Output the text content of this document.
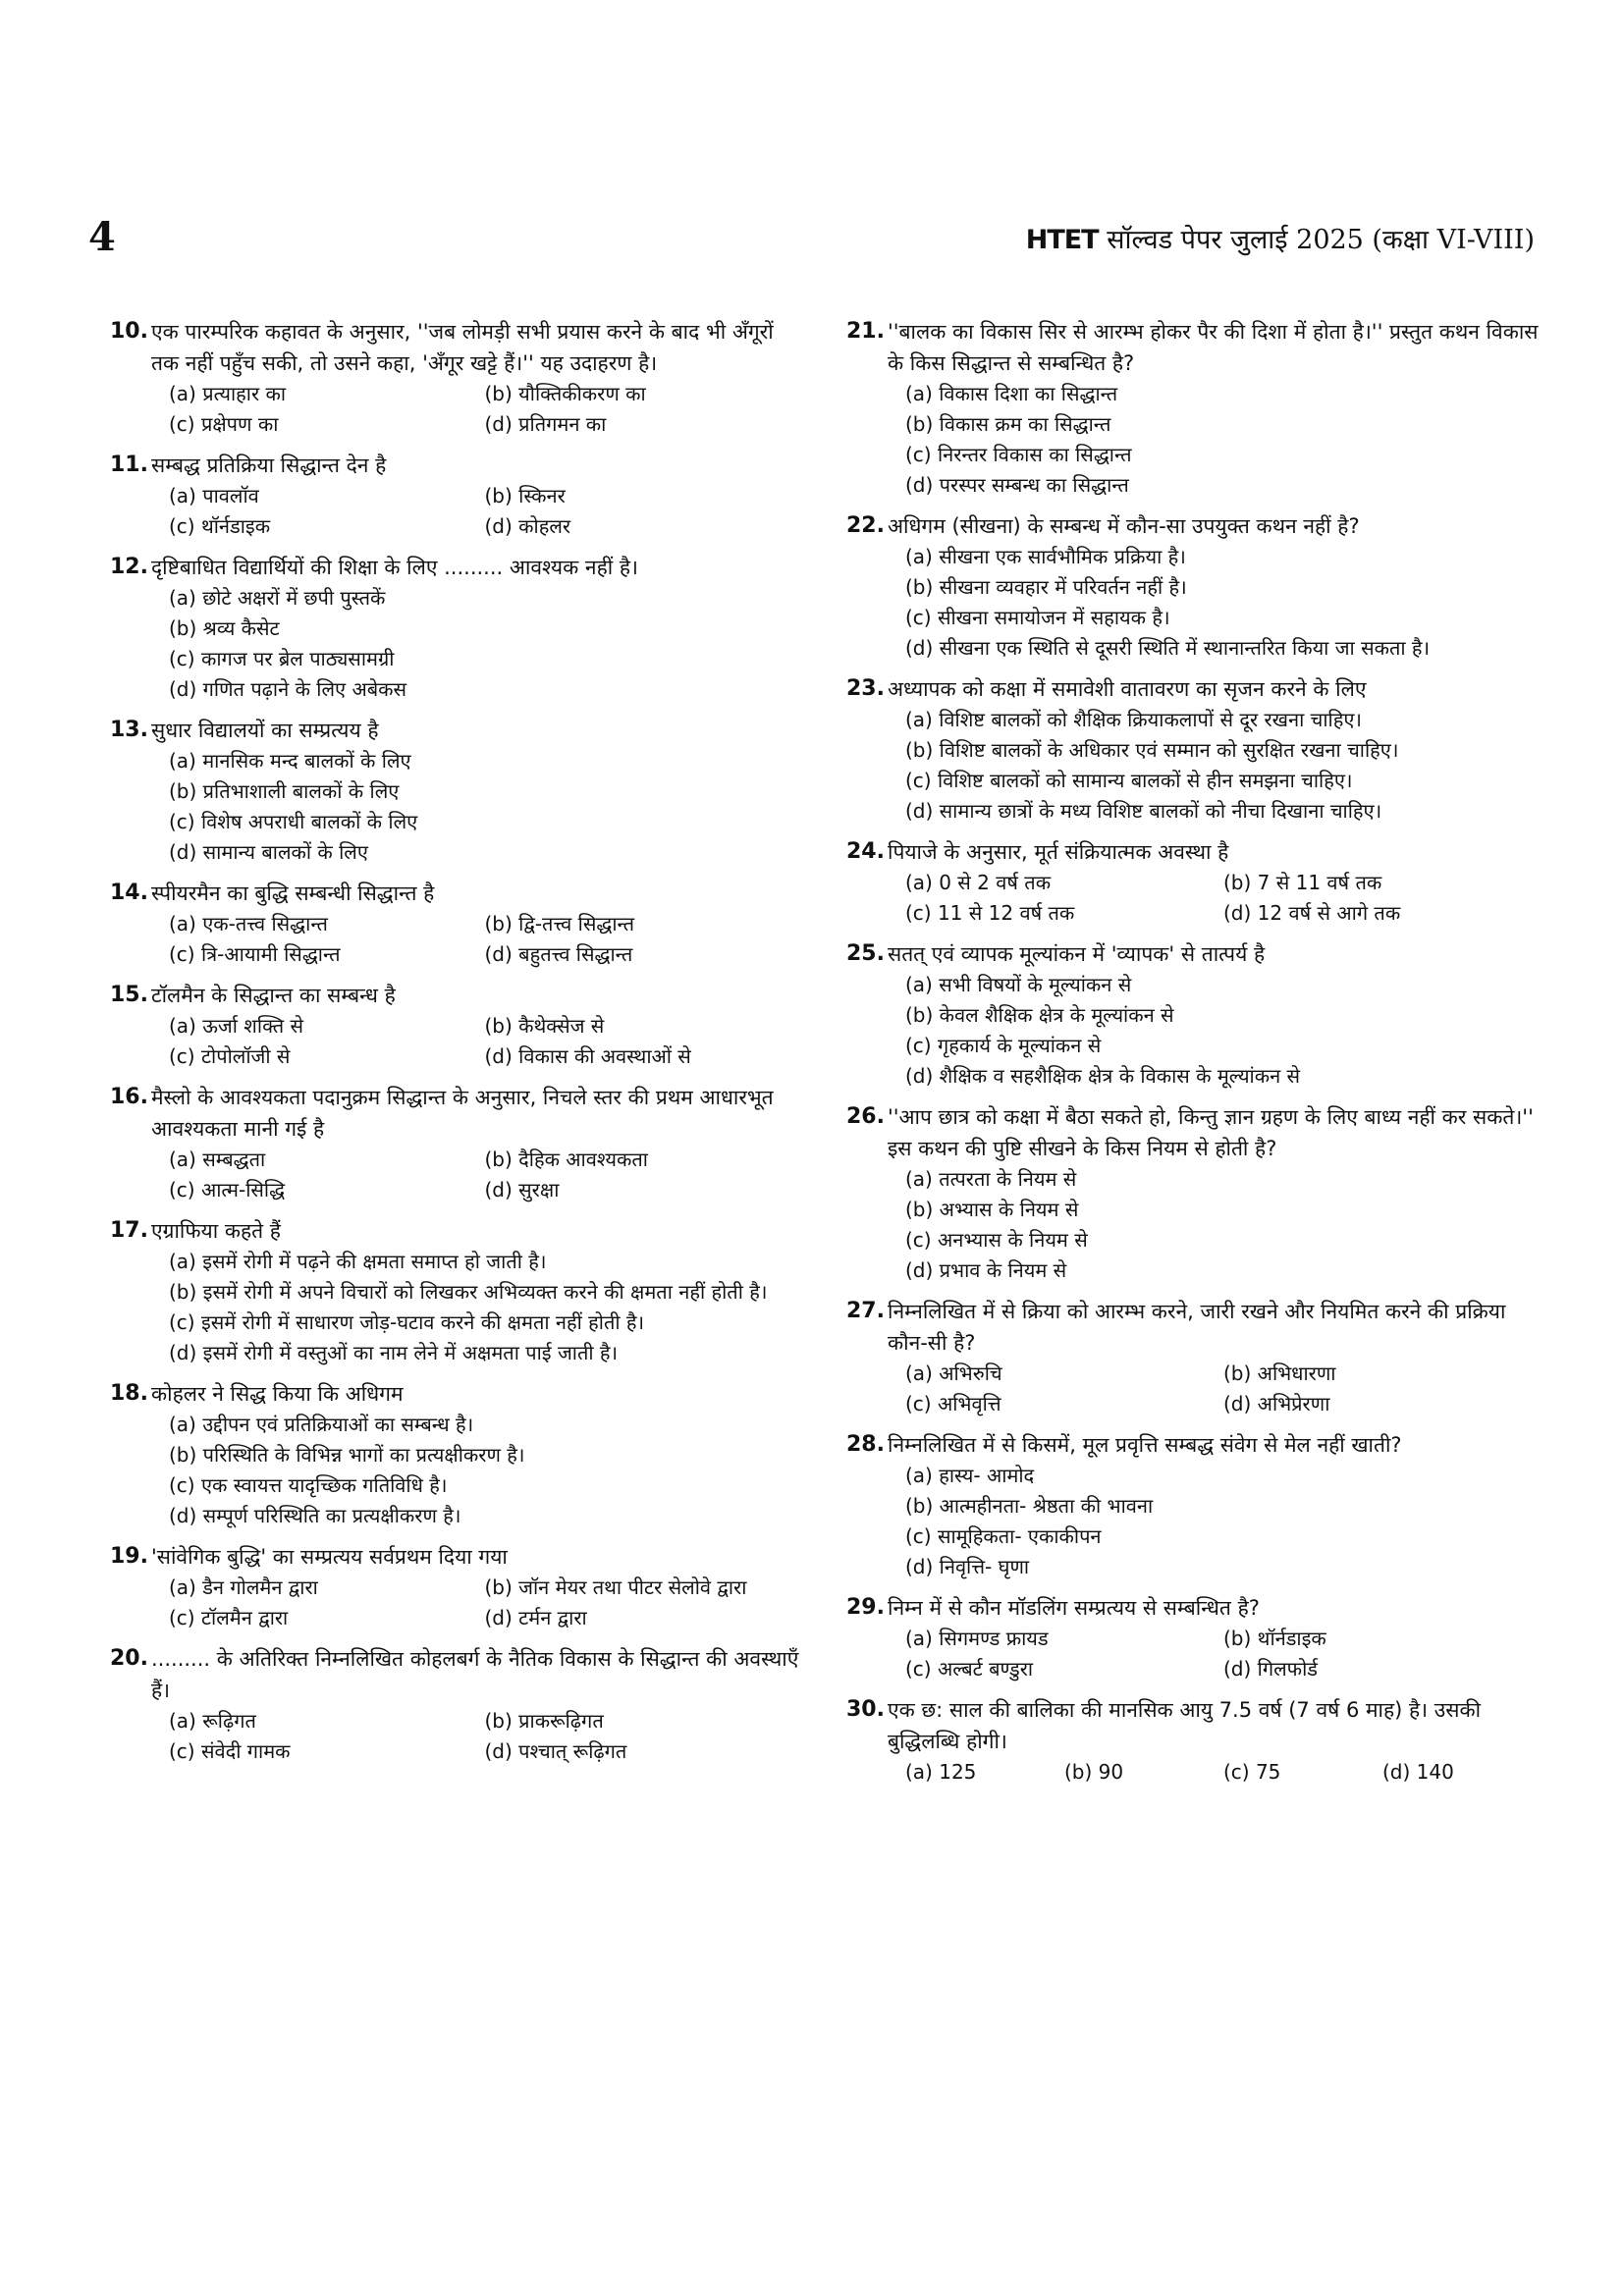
4	HTET सॉल्वड पेपर जुलाई 2025 (कक्षा VI-VIII)
10. एक पारम्परिक कहावत के अनुसार, ''जब लोमड़ी सभी प्रयास करने के बाद भी अँगूरों तक नहीं पहुँच सकी, तो उसने कहा, 'अँगूर खट्टे हैं।'' यह उदाहरण है।
(a) प्रत्याहार का	(b) यौक्तिकीकरण का
(c) प्रक्षेपण का	(d) प्रतिगमन का
11. सम्बद्ध प्रतिक्रिया सिद्धान्त देन है
(a) पावलॉव	(b) स्किनर
(c) थॉर्नडाइक	(d) कोहलर
12. दृष्टिबाधित विद्यार्थियों की शिक्षा के लिए ......... आवश्यक नहीं है।
(a) छोटे अक्षरों में छपी पुस्तकें
(b) श्रव्य कैसेट
(c) कागज पर ब्रेल पाठ्यसामग्री
(d) गणित पढ़ाने के लिए अबेकस
13. सुधार विद्यालयों का सम्प्रत्यय है
(a) मानसिक मन्द बालकों के लिए
(b) प्रतिभाशाली बालकों के लिए
(c) विशेष अपराधी बालकों के लिए
(d) सामान्य बालकों के लिए
14. स्पीयरमैन का बुद्धि सम्बन्धी सिद्धान्त है
(a) एक-तत्त्व सिद्धान्त	(b) द्वि-तत्त्व सिद्धान्त
(c) त्रि-आयामी सिद्धान्त	(d) बहुतत्त्व सिद्धान्त
15. टॉलमैन के सिद्धान्त का सम्बन्ध है
(a) ऊर्जा शक्ति से	(b) कैथेक्सेज से
(c) टोपोलॉजी से	(d) विकास की अवस्थाओं से
16. मैस्लो के आवश्यकता पदानुक्रम सिद्धान्त के अनुसार, निचले स्तर की प्रथम आधारभूत आवश्यकता मानी गई है
(a) सम्बद्धता	(b) दैहिक आवश्यकता
(c) आत्म-सिद्धि	(d) सुरक्षा
17. एग्राफिया कहते हैं
(a) इसमें रोगी में पढ़ने की क्षमता समाप्त हो जाती है।
(b) इसमें रोगी में अपने विचारों को लिखकर अभिव्यक्त करने की क्षमता नहीं होती है।
(c) इसमें रोगी में साधारण जोड़-घटाव करने की क्षमता नहीं होती है।
(d) इसमें रोगी में वस्तुओं का नाम लेने में अक्षमता पाई जाती है।
18. कोहलर ने सिद्ध किया कि अधिगम
(a) उद्दीपन एवं प्रतिक्रियाओं का सम्बन्ध है।
(b) परिस्थिति के विभिन्न भागों का प्रत्यक्षीकरण है।
(c) एक स्वायत्त यादृच्छिक गतिविधि है।
(d) सम्पूर्ण परिस्थिति का प्रत्यक्षीकरण है।
19. 'सांवेगिक बुद्धि' का सम्प्रत्यय सर्वप्रथम दिया गया
(a) डैन गोलमैन द्वारा	(b) जॉन मेयर तथा पीटर सेलोवे द्वारा
(c) टॉलमैन द्वारा	(d) टर्मन द्वारा
20. ......... के अतिरिक्त निम्नलिखित कोहलबर्ग के नैतिक विकास के सिद्धान्त की अवस्थाएँ हैं।
(a) रूढ़िगत	(b) प्राकरूढ़िगत
(c) संवेदी गामक	(d) पश्चात् रूढ़िगत
21. ''बालक का विकास सिर से आरम्भ होकर पैर की दिशा में होता है।'' प्रस्तुत कथन विकास के किस सिद्धान्त से सम्बन्धित है?
(a) विकास दिशा का सिद्धान्त
(b) विकास क्रम का सिद्धान्त
(c) निरन्तर विकास का सिद्धान्त
(d) परस्पर सम्बन्ध का सिद्धान्त
22. अधिगम (सीखना) के सम्बन्ध में कौन-सा उपयुक्त कथन नहीं है?
(a) सीखना एक सार्वभौमिक प्रक्रिया है।
(b) सीखना व्यवहार में परिवर्तन नहीं है।
(c) सीखना समायोजन में सहायक है।
(d) सीखना एक स्थिति से दूसरी स्थिति में स्थानान्तरित किया जा सकता है।
23. अध्यापक को कक्षा में समावेशी वातावरण का सृजन करने के लिए
(a) विशिष्ट बालकों को शैक्षिक क्रियाकलापों से दूर रखना चाहिए।
(b) विशिष्ट बालकों के अधिकार एवं सम्मान को सुरक्षित रखना चाहिए।
(c) विशिष्ट बालकों को सामान्य बालकों से हीन समझना चाहिए।
(d) सामान्य छात्रों के मध्य विशिष्ट बालकों को नीचा दिखाना चाहिए।
24. पियाजे के अनुसार, मूर्त संक्रियात्मक अवस्था है
(a) 0 से 2 वर्ष तक	(b) 7 से 11 वर्ष तक
(c) 11 से 12 वर्ष तक	(d) 12 वर्ष से आगे तक
25. सतत् एवं व्यापक मूल्यांकन में 'व्यापक' से तात्पर्य है
(a) सभी विषयों के मूल्यांकन से
(b) केवल शैक्षिक क्षेत्र के मूल्यांकन से
(c) गृहकार्य के मूल्यांकन से
(d) शैक्षिक व सहशैक्षिक क्षेत्र के विकास के मूल्यांकन से
26. ''आप छात्र को कक्षा में बैठा सकते हो, किन्तु ज्ञान ग्रहण के लिए बाध्य नहीं कर सकते।'' इस कथन की पुष्टि सीखने के किस नियम से होती है?
(a) तत्परता के नियम से
(b) अभ्यास के नियम से
(c) अनभ्यास के नियम से
(d) प्रभाव के नियम से
27. निम्नलिखित में से क्रिया को आरम्भ करने, जारी रखने और नियमित करने की प्रक्रिया कौन-सी है?
(a) अभिरुचि	(b) अभिधारणा
(c) अभिवृत्ति	(d) अभिप्रेरणा
28. निम्नलिखित में से किसमें, मूल प्रवृत्ति सम्बद्ध संवेग से मेल नहीं खाती?
(a) हास्य- आमोद
(b) आत्महीनता- श्रेष्ठता की भावना
(c) सामूहिकता- एकाकीपन
(d) निवृत्ति- घृणा
29. निम्न में से कौन मॉडलिंग सम्प्रत्यय से सम्बन्धित है?
(a) सिगमण्ड फ्रायड	(b) थॉर्नडाइक
(c) अल्बर्ट बण्डुरा	(d) गिलफोर्ड
30. एक छ: साल की बालिका की मानसिक आयु 7.5 वर्ष (7 वर्ष 6 माह) है। उसकी बुद्धिलब्धि होगी।
(a) 125	(b) 90	(c) 75	(d) 140
